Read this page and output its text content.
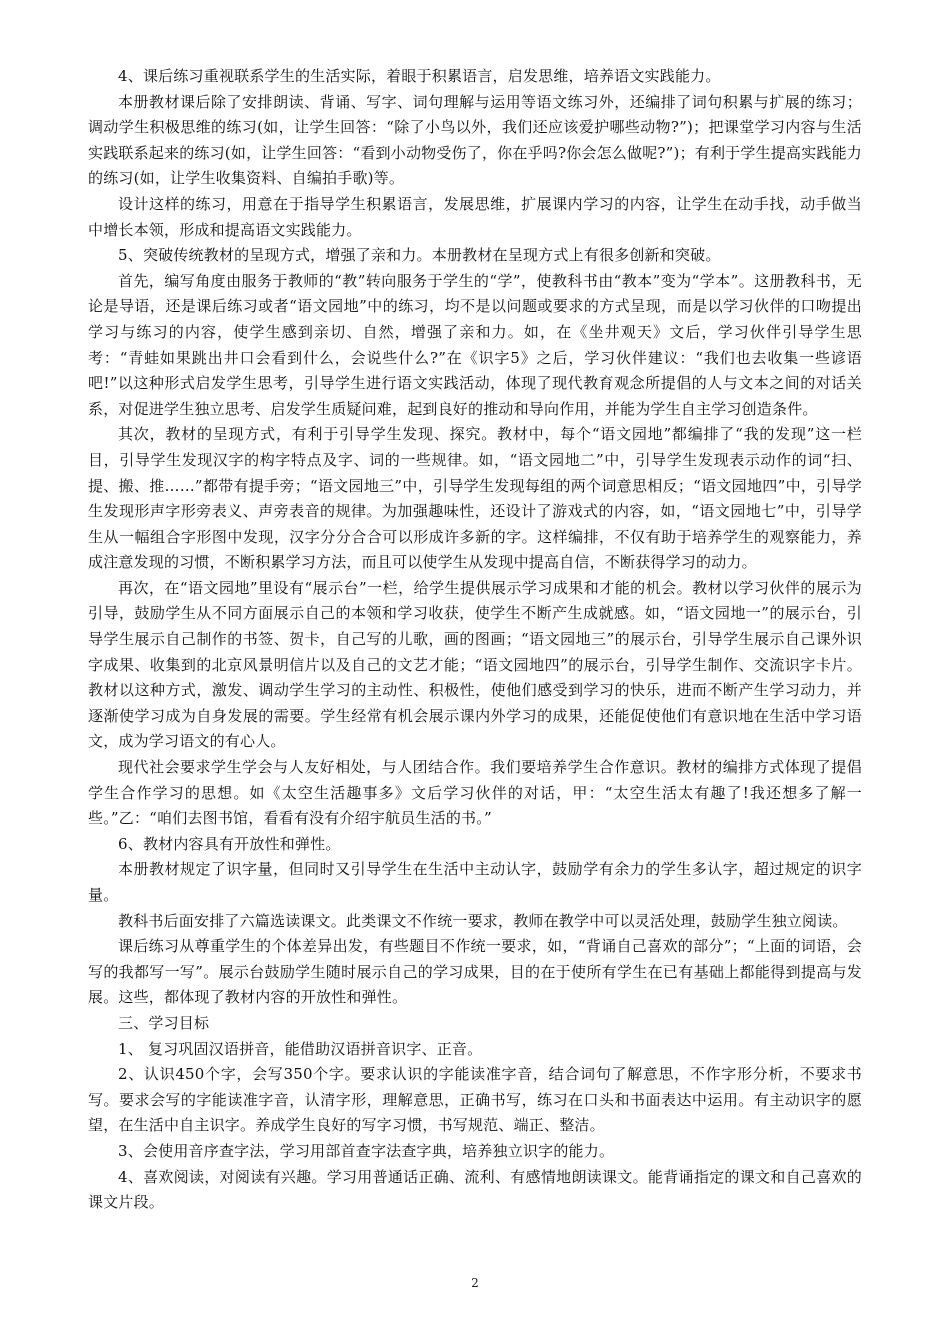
4、课后练习重视联系学生的生活实际，着眼于积累语言，启发思维，培养语文实践能力。

本册教材课后除了安排朗读、背诵、写字、词句理解与运用等语文练习外，还编排了词句积累与扩展的练习；调动学生积极思维的练习(如，让学生回答：“除了小鸟以外，我们还应该爱护哪些动物?”)；把课堂学习内容与生活实践联系起来的练习(如，让学生回答：“看到小动物受伤了，你在乎吗?你会怎么做呢?”)；有利于学生提高实践能力的练习(如，让学生收集资料、自编拍手歌)等。

设计这样的练习，用意在于指导学生积累语言，发展思维，扩展课内学习的内容，让学生在动手找，动手做当中增长本领，形成和提高语文实践能力。

5、突破传统教材的呈现方式，增强了亲和力。本册教材在呈现方式上有很多创新和突破。

首先，编写角度由服务于教师的“教”转向服务于学生的“学”，使教科书由“教本”变为“学本”。这册教科书，无论是导语，还是课后练习或者“语文园地”中的练习，均不是以问题或要求的方式呈现，而是以学习伙伴的口吻提出学习与练习的内容，使学生感到亲切、自然，增强了亲和力。如，在《坐井观天》文后，学习伙伴引导学生思考：“青蛙如果跳出井口会看到什么，会说些什么?”在《识字5》之后，学习伙伴建议：“我们也去收集一些谚语吧!”以这种形式启发学生思考，引导学生进行语文实践活动，体现了现代教育观念所提倡的人与文本之间的对话关系，对促进学生独立思考、启发学生质疑问难，起到良好的推动和导向作用，并能为学生自主学习创造条件。

其次，教材的呈现方式，有利于引导学生发现、探究。教材中，每个“语文园地”都编排了“我的发现”这一栏目，引导学生发现汉字的构字特点及字、词的一些规律。如，“语文园地二”中，引导学生发现表示动作的词“扫、提、搬、推……”都带有提手旁；“语文园地三”中，引导学生发现每组的两个词意思相反；“语文园地四”中，引导学生发现形声字形旁表义、声旁表音的规律。为加强趣味性，还设计了游戏式的内容，如，“语文园地七”中，引导学生从一幅组合字形图中发现，汉字分分合合可以形成许多新的字。这样编排，不仅有助于培养学生的观察能力，养成注意发现的习惯，不断积累学习方法，而且可以使学生从发现中提高自信，不断获得学习的动力。

再次，在“语文园地”里设有“展示台”一栏，给学生提供展示学习成果和才能的机会。教材以学习伙伴的展示为引导，鼓励学生从不同方面展示自己的本领和学习收获，使学生不断产生成就感。如，“语文园地一”的展示台，引导学生展示自己制作的书签、贺卡，自己写的儿歌，画的图画；“语文园地三”的展示台，引导学生展示自己课外识字成果、收集到的北京风景明信片以及自己的文艺才能；“语文园地四”的展示台，引导学生制作、交流识字卡片。教材以这种方式，激发、调动学生学习的主动性、积极性，使他们感受到学习的快乐，进而不断产生学习动力，并逐渐使学习成为自身发展的需要。学生经常有机会展示课内外学习的成果，还能促使他们有意识地在生活中学习语文，成为学习语文的有心人。

现代社会要求学生学会与人友好相处，与人团结合作。我们要培养学生合作意识。教材的编排方式体现了提倡学生合作学习的思想。如《太空生活趣事多》文后学习伙伴的对话，甲：“太空生活太有趣了!我还想多了解一些。”乙：“咱们去图书馆，看看有没有介绍宇航员生活的书。”

6、教材内容具有开放性和弹性。

本册教材规定了识字量，但同时又引导学生在生活中主动认字，鼓励学有余力的学生多认字，超过规定的识字量。

教科书后面安排了六篇选读课文。此类课文不作统一要求，教师在教学中可以灵活处理，鼓励学生独立阅读。

课后练习从尊重学生的个体差异出发，有些题目不作统一要求，如，“背诵自己喜欢的部分”；“上面的词语，会写的我都写一写”。展示台鼓励学生随时展示自己的学习成果，目的在于使所有学生在已有基础上都能得到提高与发展。这些，都体现了教材内容的开放性和弹性。

三、学习目标

1、 复习巩固汉语拼音，能借助汉语拼音识字、正音。

2、认识450个字，会写350个字。要求认识的字能读准字音，结合词句了解意思，不作字形分析，不要求书写。要求会写的字能读准字音，认清字形，理解意思，正确书写，练习在口头和书面表达中运用。有主动识字的愿望，在生活中自主识字。养成学生良好的写字习惯，书写规范、端正、整洁。

3、会使用音序查字法，学习用部首查字法查字典，培养独立识字的能力。

4、喜欢阅读，对阅读有兴趣。学习用普通话正确、流利、有感情地朗读课文。能背诵指定的课文和自己喜欢的课文片段。

2
